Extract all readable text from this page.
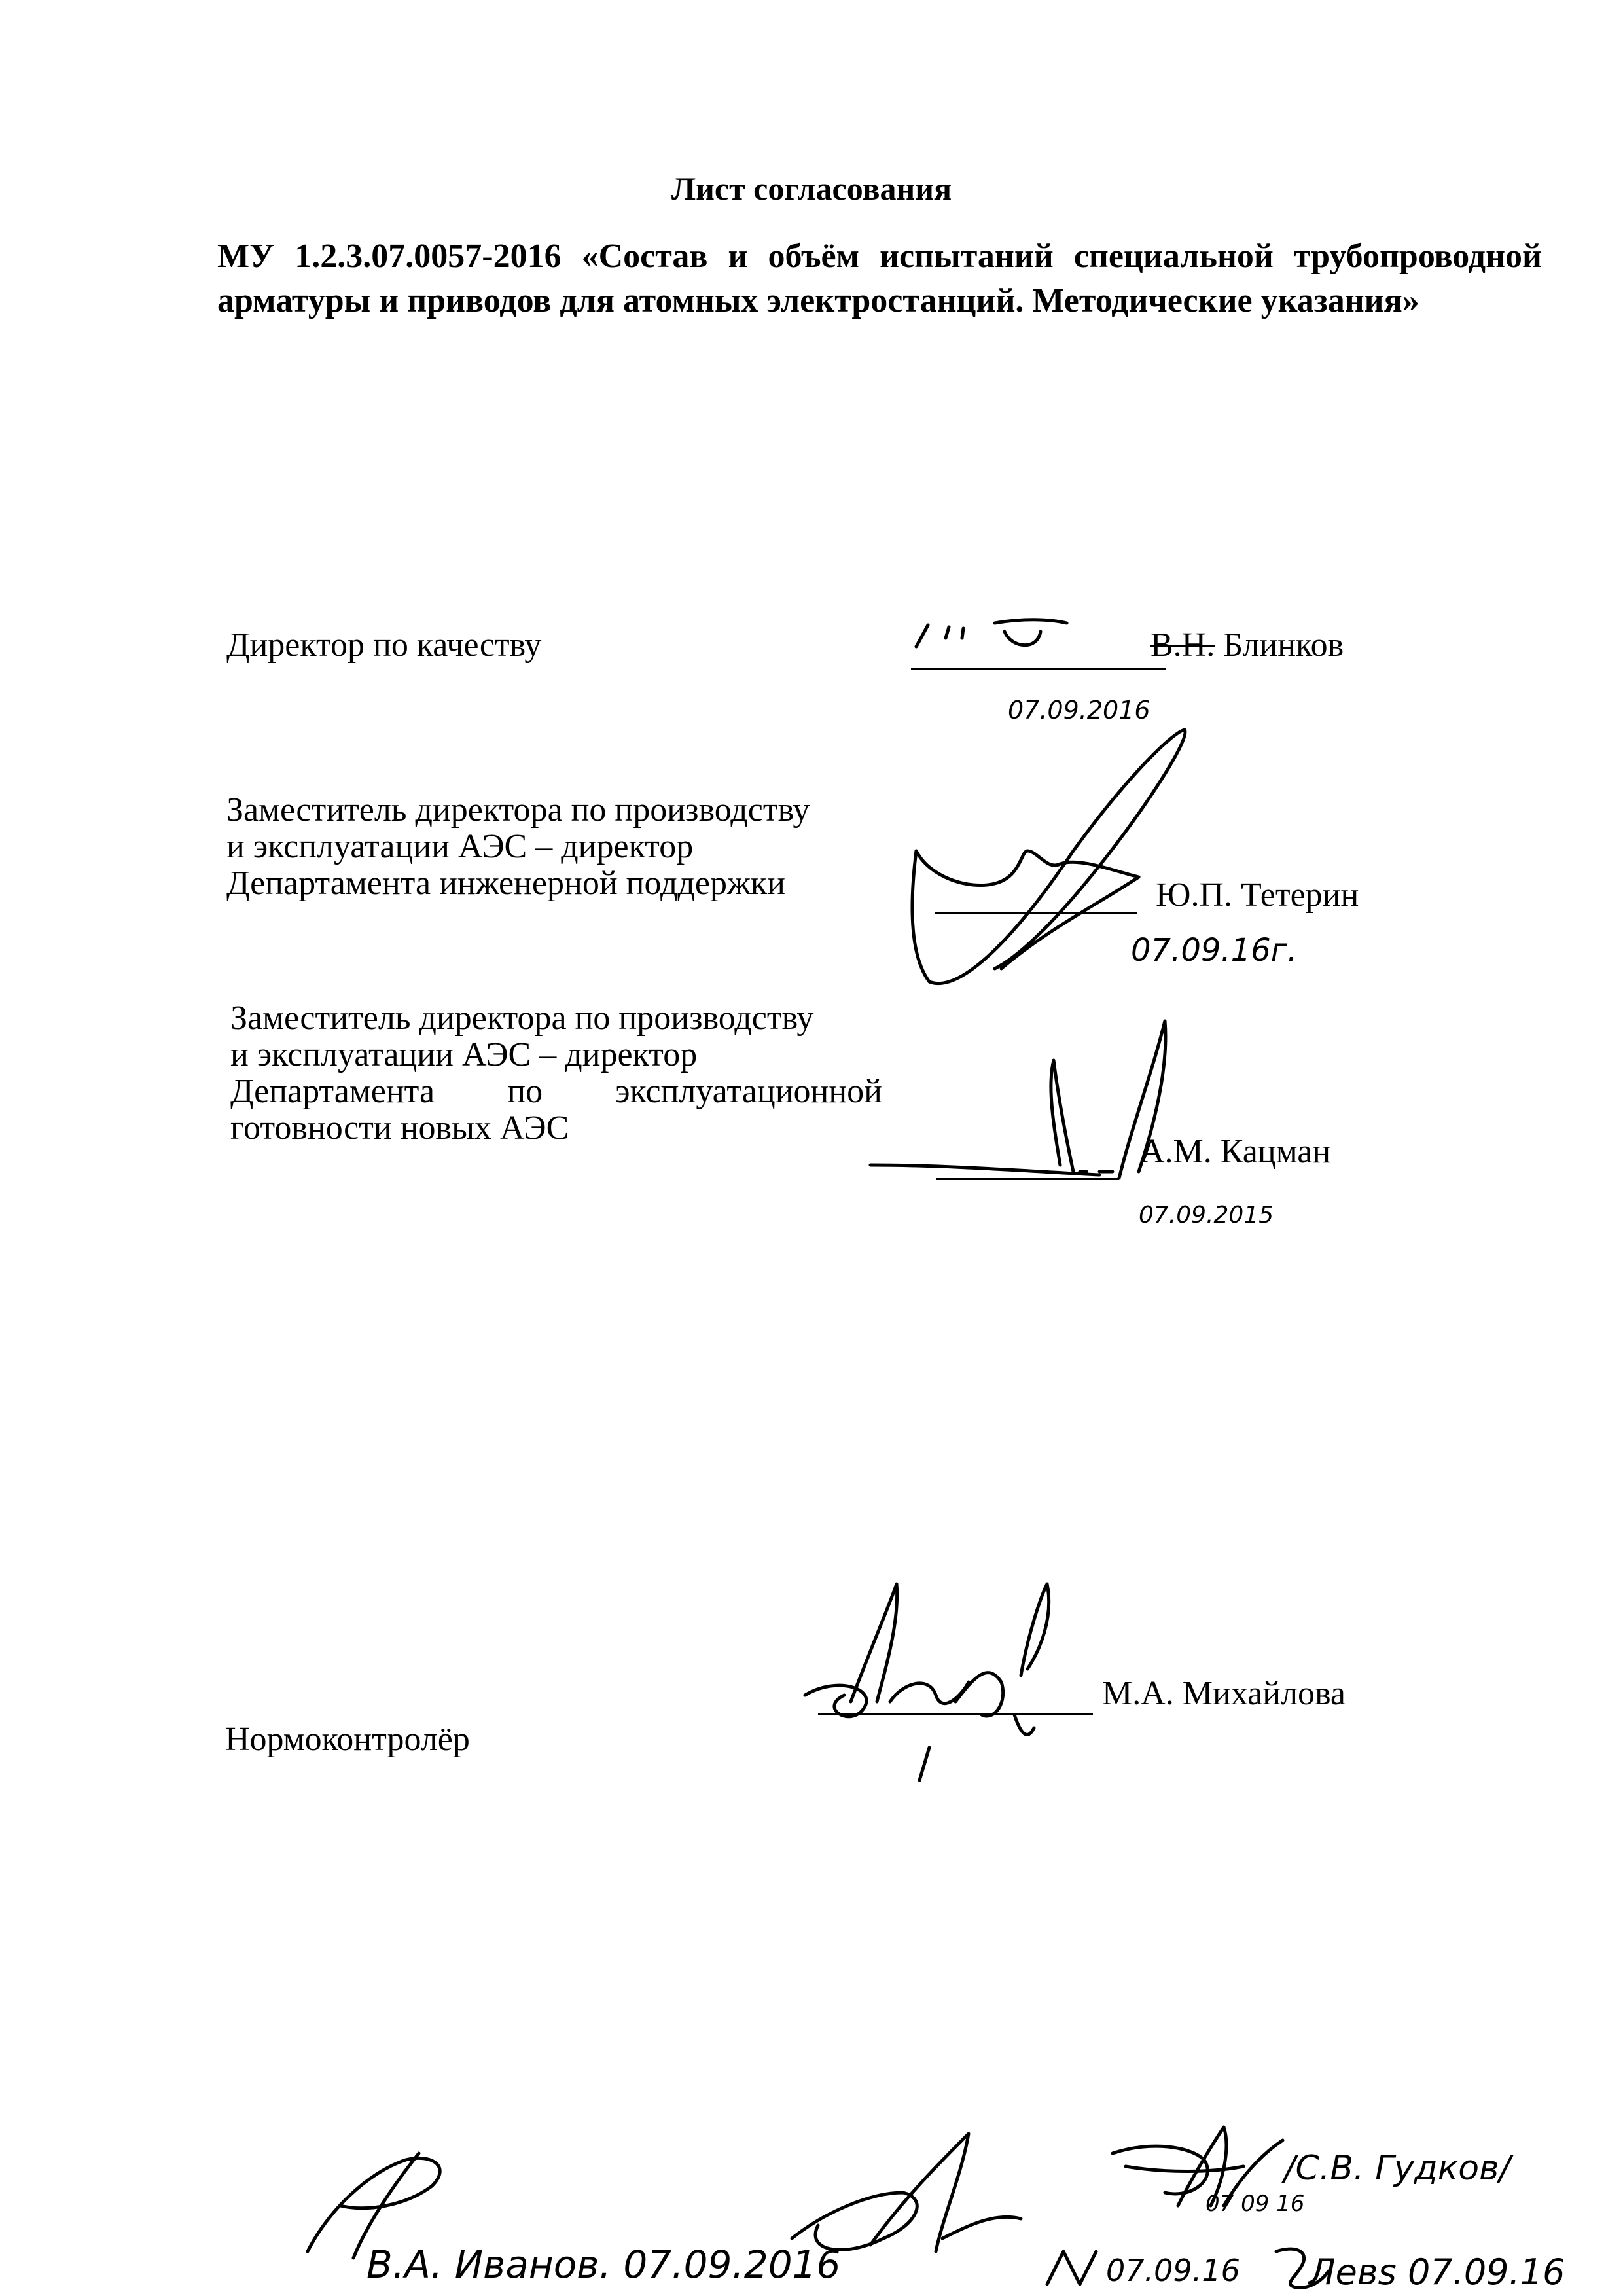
Лист согласования
МУ 1.2.3.07.0057-2016 «Состав и объём испытаний специальной трубопроводной арматуры и приводов для атомных электростанций. Методические указания»
Директор по качеству	В.Н. Блинков
Заместитель директора по производству
и эксплуатации АЭС – директор
Департамента инженерной поддержки	Ю.П. Тетерин
Заместитель директора по производству
и эксплуатации АЭС – директор
Департамента по эксплуатационной
готовности новых АЭС
А.М. Кацман
Нормоконтролёр
М.А. Михайлова
07.09.2016
07.09.16г.
07.09.2015
В.А. Иванов. 07.09.2016
/С.В. Гудков/
07 09 16
07.09.16 Левs 07.09.16
